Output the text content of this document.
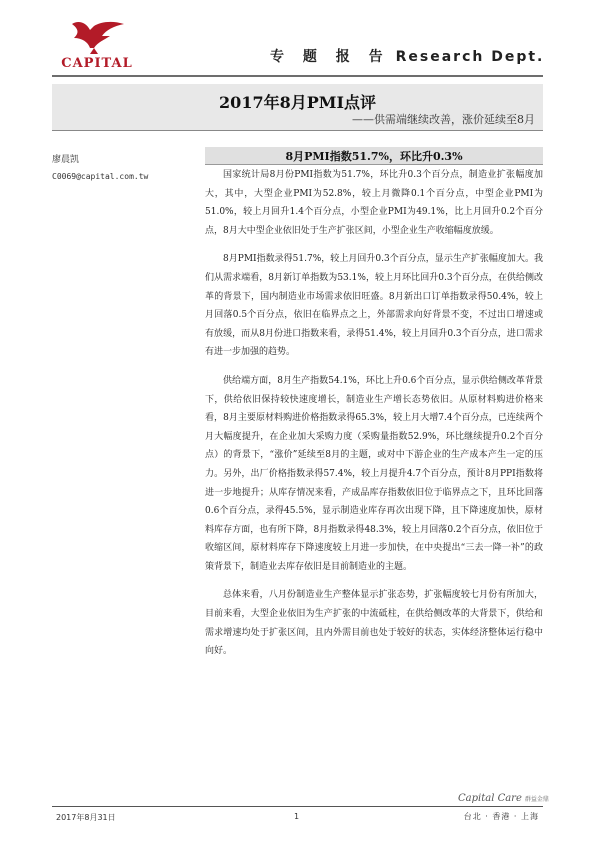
CAPITAL	专 题 报 告 Research Dept.
2017年8月PMI点评
——供需端继续改善，涨价延续至8月
廖晨凯
C0069@capital.com.tw
8月PMI指数51.7%，环比升0.3%

国家统计局8月份PMI指数为51.7%，环比升0.3个百分点，制造业扩张幅度加大，其中，大型企业PMI为52.8%，较上月微降0.1个百分点，中型企业PMI为51.0%，较上月回升1.4个百分点，小型企业PMI为49.1%，比上月回升0.2个百分点，8月大中型企业依旧处于生产扩张区间，小型企业生产收缩幅度放缓。

8月PMI指数录得51.7%，较上月回升0.3个百分点，显示生产扩张幅度加大。我们从需求端看，8月新订单指数为53.1%，较上月环比回升0.3个百分点，在供给侧改革的背景下，国内制造业市场需求依旧旺盛。8月新出口订单指数录得50.4%，较上月回落0.5个百分点，依旧在临界点之上，外部需求向好背景不变，不过出口增速或有放缓，而从8月份进口指数来看，录得51.4%，较上月回升0.3个百分点，进口需求有进一步加强的趋势。

供给端方面，8月生产指数54.1%，环比上升0.6个百分点，显示供给侧改革背景下，供给依旧保持较快速度增长，制造业生产增长态势依旧。从原材料购进价格来看，8月主要原材料购进价格指数录得65.3%，较上月大增7.4个百分点，已连续两个月大幅度提升，在企业加大采购力度（采购量指数52.9%，环比继续提升0.2个百分点）的背景下，“涨价”延续至8月的主题，或对中下游企业的生产成本产生一定的压力。另外，出厂价格指数录得57.4%，较上月提升4.7个百分点，预计8月PPI指数将进一步地提升；从库存情况来看，产成品库存指数依旧位于临界点之下，且环比回落0.6个百分点，录得45.5%，显示制造业库存再次出现下降，且下降速度加快，原材料库存方面，也有所下降，8月指数录得48.3%，较上月回落0.2个百分点，依旧位于收缩区间，原材料库存下降速度较上月进一步加快，在中央提出“三去一降一补”的政策背景下，制造业去库存依旧是目前制造业的主题。

总体来看，八月份制造业生产整体显示扩张态势，扩张幅度较七月份有所加大，目前来看，大型企业依旧为生产扩张的中流砥柱，在供给侧改革的大背景下，供给和需求增速均处于扩张区间，且内外需目前也处于较好的状态，实体经济整体运行稳中向好。

Capital Care 群益金鼎
2017年8月31日	1	台北 · 香港 · 上海
